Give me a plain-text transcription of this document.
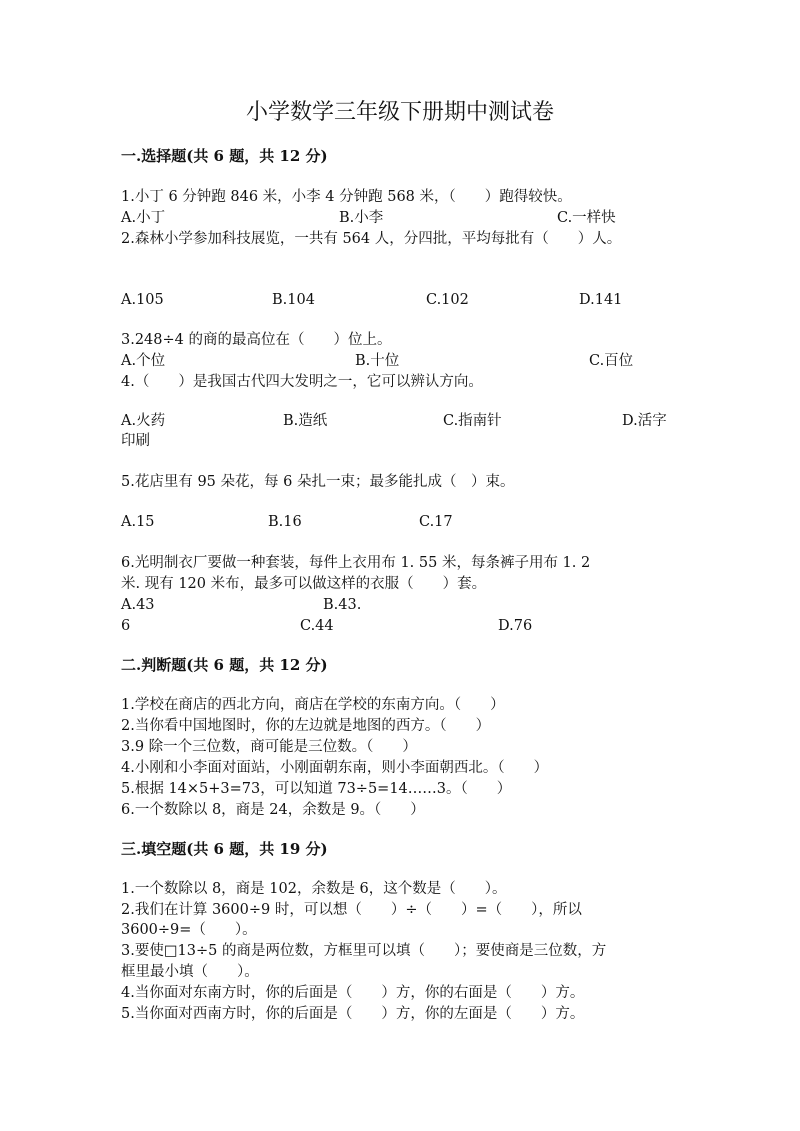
小学数学三年级下册期中测试卷
一.选择题(共 6 题，共 12 分)
1.小丁 6 分钟跑 846 米，小李 4 分钟跑 568 米，（　　）跑得较快。
A.小丁	B.小李	C.一样快
2.森林小学参加科技展览，一共有 564 人，分四批，平均每批有（　　）人。
A.105	B.104	C.102	D.141
3.248÷4 的商的最高位在（　　）位上。
A.个位	B.十位	C.百位
4.（　　）是我国古代四大发明之一，它可以辨认方向。
A.火药	B.造纸	C.指南针	D.活字
印刷
5.花店里有 95 朵花，每 6 朵扎一束；最多能扎成（　）束。
A.15	B.16	C.17
6.光明制衣厂要做一种套装，每件上衣用布 1. 55 米，每条裤子用布 1. 2
米. 现有 120 米布，最多可以做这样的衣服（　　）套。
A.43	B.43.
6	C.44	D.76
二.判断题(共 6 题，共 12 分)
1.学校在商店的西北方向，商店在学校的东南方向。（　　）
2.当你看中国地图时，你的左边就是地图的西方。（　　）
3.9 除一个三位数，商可能是三位数。（　　）
4.小刚和小李面对面站，小刚面朝东南，则小李面朝西北。（　　）
5.根据 14×5+3=73，可以知道 73÷5=14……3。（　　）
6.一个数除以 8，商是 24，余数是 9。（　　）
三.填空题(共 6 题，共 19 分)
1.一个数除以 8，商是 102，余数是 6，这个数是（　　）。
2.我们在计算 3600÷9 时，可以想（　　）÷（　　）=（　　），所以
3600÷9=（　　）。
3.要使□13÷5 的商是两位数，方框里可以填（　　）；要使商是三位数，方
框里最小填（　　）。
4.当你面对东南方时，你的后面是（　　）方，你的右面是（　　）方。
5.当你面对西南方时，你的后面是（　　）方，你的左面是（　　）方。
